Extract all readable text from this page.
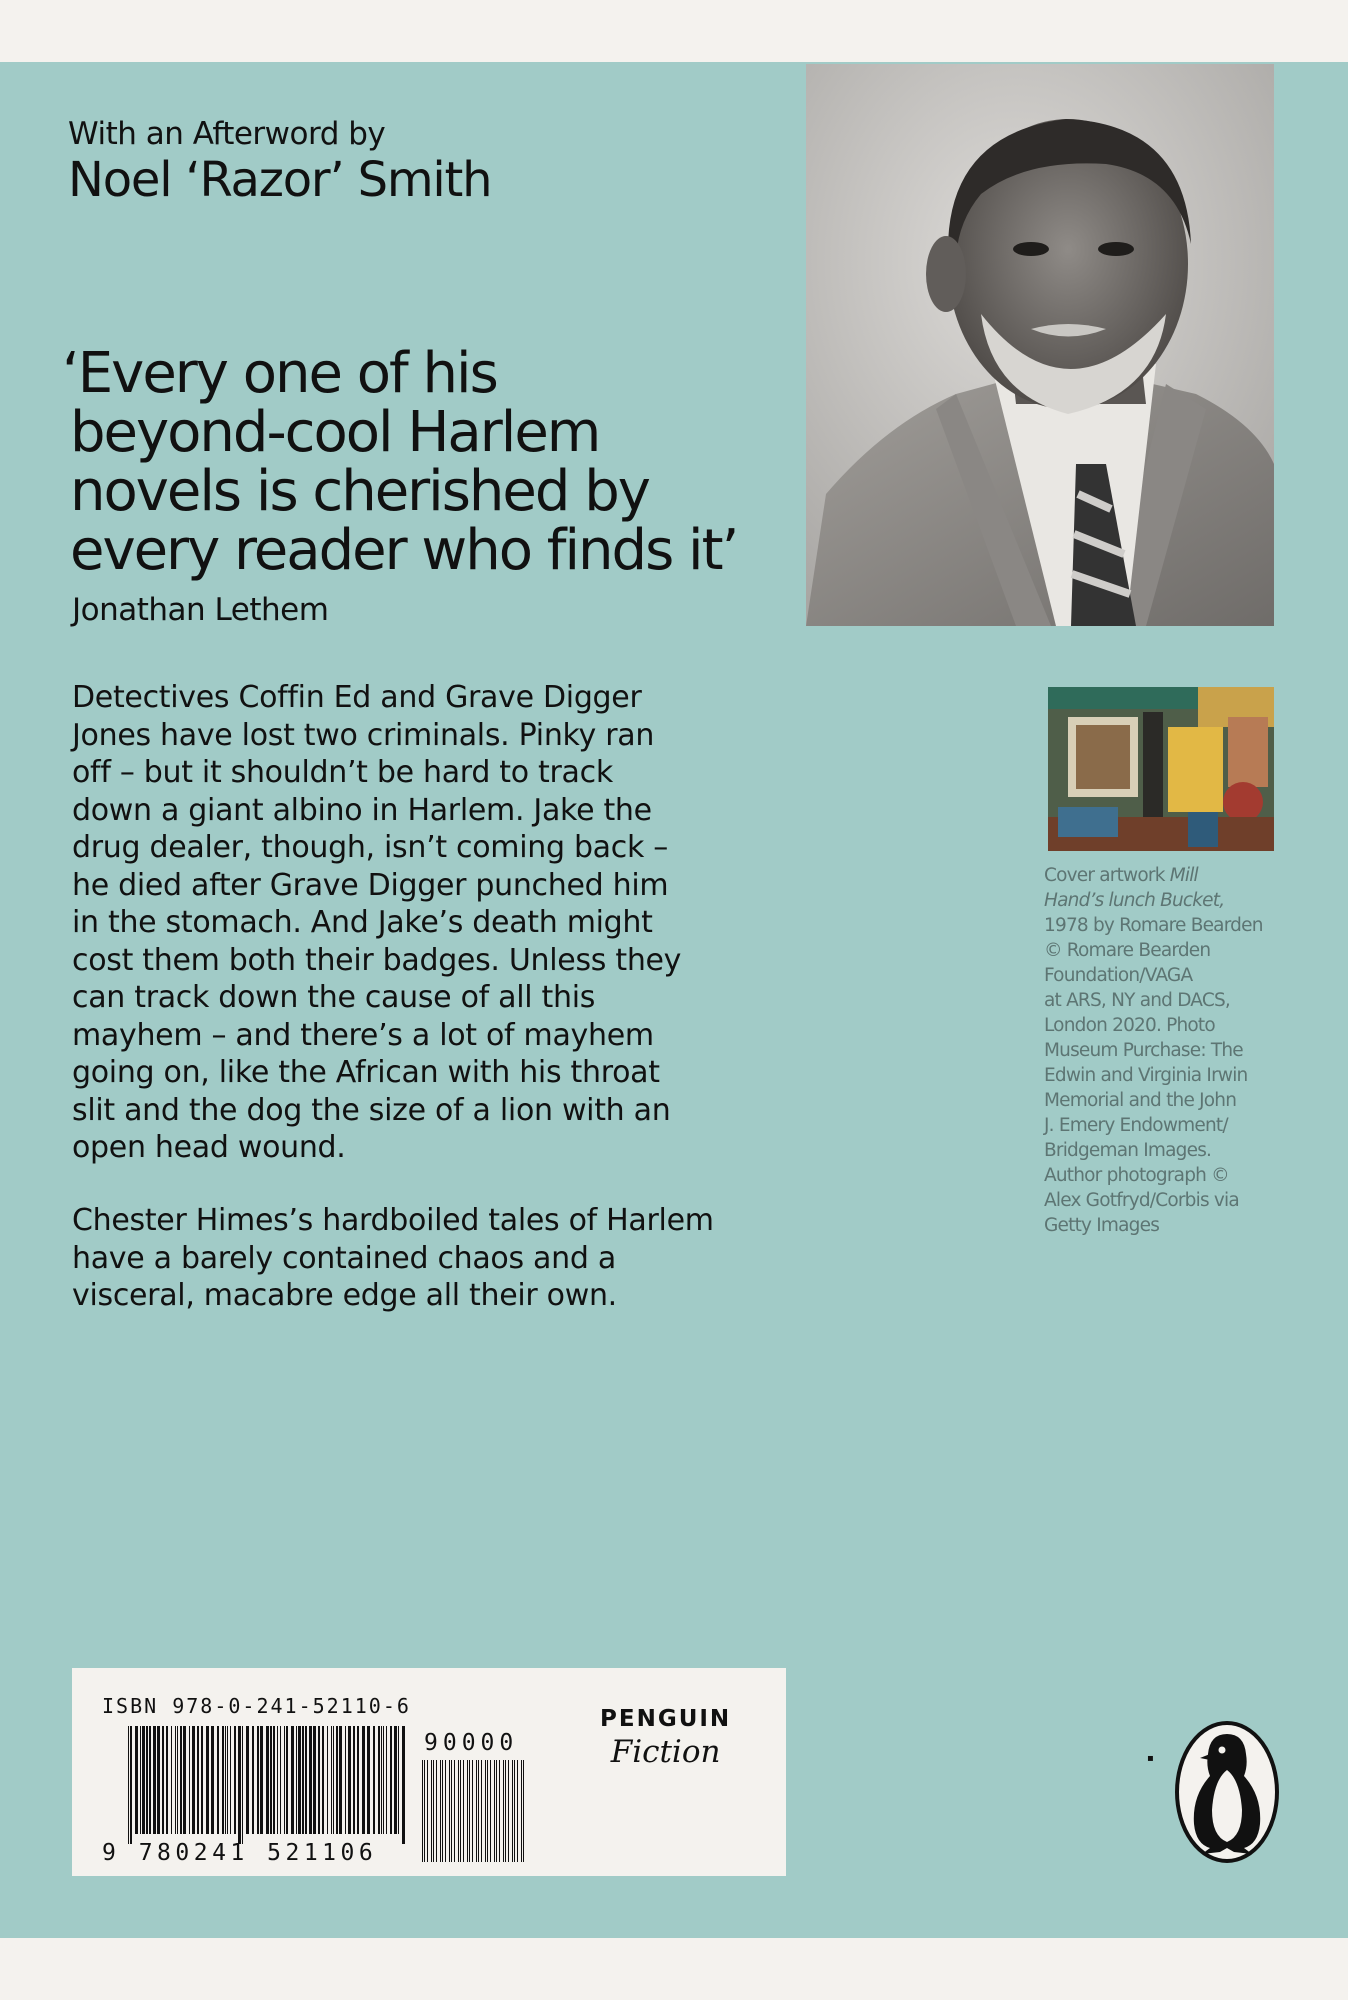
With an Afterword by
Noel ‘Razor’ Smith
‘Every one of his
beyond-cool Harlem
novels is cherished by
every reader who finds it’
Jonathan Lethem
Detectives Coffin Ed and Grave Digger
Jones have lost two criminals. Pinky ran
off – but it shouldn’t be hard to track
down a giant albino in Harlem. Jake the
drug dealer, though, isn’t coming back –
he died after Grave Digger punched him
in the stomach. And Jake’s death might
cost them both their badges. Unless they
can track down the cause of all this
mayhem – and there’s a lot of mayhem
going on, like the African with his throat
slit and the dog the size of a lion with an
open head wound.
Chester Himes’s hardboiled tales of Harlem
have a barely contained chaos and a
visceral, macabre edge all their own.
Cover artwork Mill
Hand’s lunch Bucket,
1978 by Romare Bearden
© Romare Bearden
Foundation/VAGA
at ARS, NY and DACS,
London 2020. Photo
Museum Purchase: The
Edwin and Virginia Irwin
Memorial and the John
J. Emery Endowment/
Bridgeman Images.
Author photograph ©
Alex Gotfryd/Corbis via
Getty Images
ISBN 978-0-241-52110-6
9 780241 521106
90000
PENGUIN
Fiction	▪
